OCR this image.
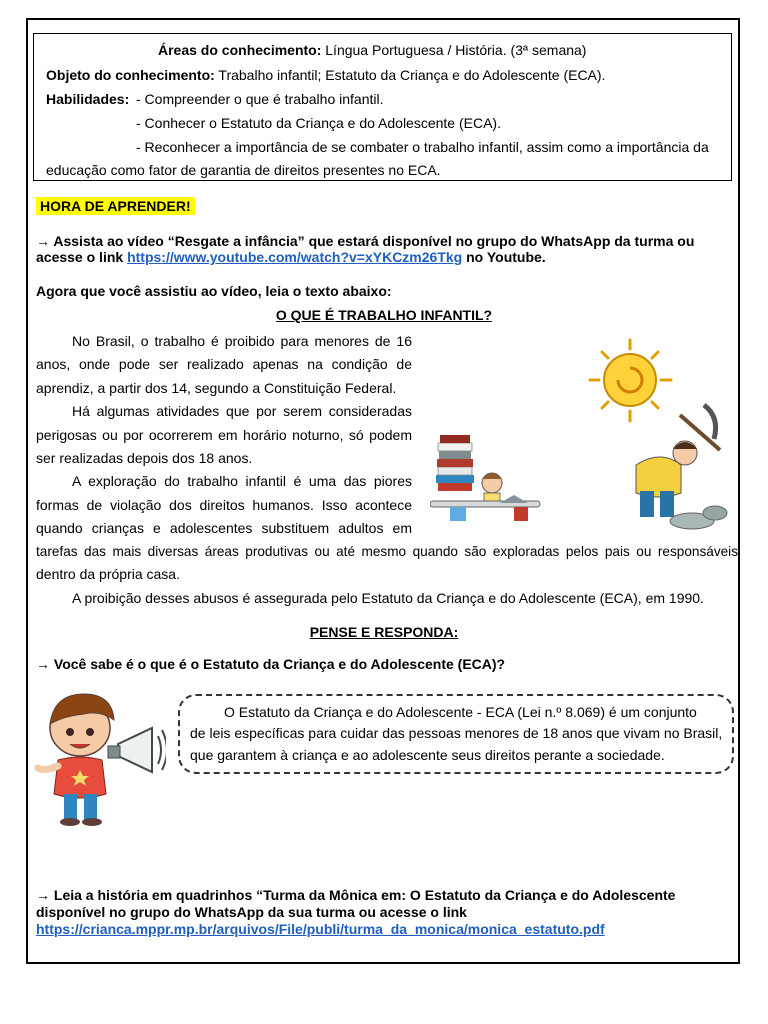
Áreas do conhecimento: Língua Portuguesa / História. (3ª semana)
Objeto do conhecimento: Trabalho infantil; Estatuto da Criança e do Adolescente (ECA).
Habilidades: - Compreender o que é trabalho infantil.
- Conhecer o Estatuto da Criança e do Adolescente (ECA).
- Reconhecer a importância de se combater o trabalho infantil, assim como a importância da
educação como fator de garantia de direitos presentes no ECA.
HORA DE APRENDER!
→ Assista ao vídeo “Resgate a infância” que estará disponível no grupo do WhatsApp da turma ou
acesse o link https://www.youtube.com/watch?v=xYKCzm26Tkg no Youtube.
Agora que você assistiu ao vídeo, leia o texto abaixo:
O QUE É TRABALHO INFANTIL?
No Brasil, o trabalho é proibido para menores de 16
anos, onde pode ser realizado apenas na condição de
aprendiz, a partir dos 14, segundo a Constituição Federal.
Há algumas atividades que por serem consideradas
perigosas ou por ocorrerem em horário noturno, só podem
ser realizadas depois dos 18 anos.
A exploração do trabalho infantil é uma das piores
formas de violação dos direitos humanos. Isso acontece
quando crianças e adolescentes substituem adultos em
tarefas das mais diversas áreas produtivas ou até mesmo quando são exploradas pelos pais ou responsáveis
dentro da própria casa.
A proibição desses abusos é assegurada pelo Estatuto da Criança e do Adolescente (ECA), em 1990.
PENSE E RESPONDA:
→ Você sabe é o que é o Estatuto da Criança e do Adolescente (ECA)?
O Estatuto da Criança e do Adolescente - ECA (Lei n.º 8.069) é um conjunto
de leis específicas para cuidar das pessoas menores de 18 anos que vivam no Brasil,
que garantem à criança e ao adolescente seus direitos perante a sociedade.
→ Leia a história em quadrinhos “Turma da Mônica em: O Estatuto da Criança e do Adolescente
disponível no grupo do WhatsApp da sua turma ou acesse o link
https://crianca.mppr.mp.br/arquivos/File/publi/turma_da_monica/monica_estatuto.pdf
